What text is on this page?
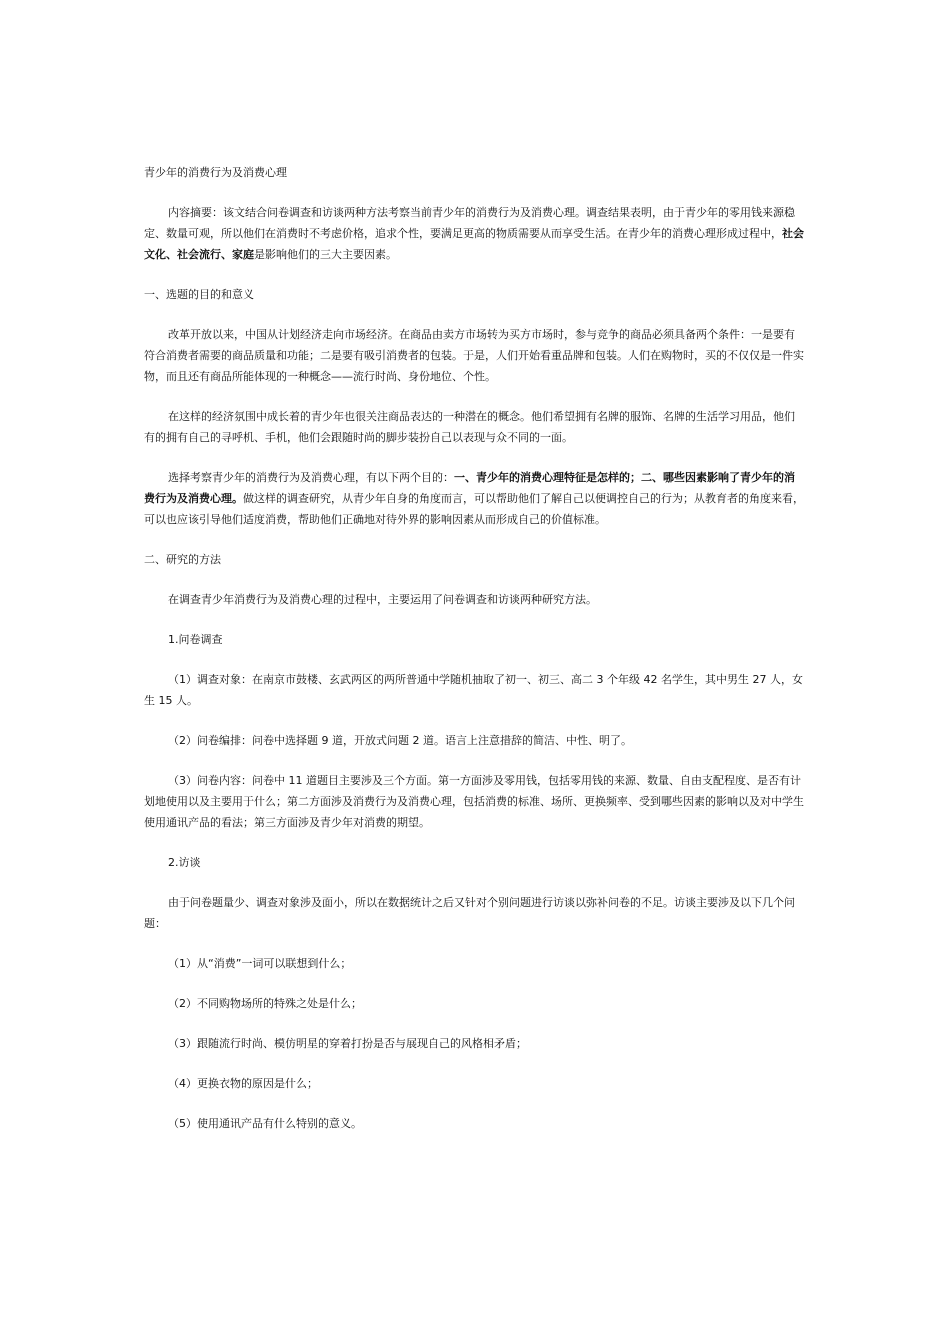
青少年的消费行为及消费心理

内容摘要：该文结合问卷调查和访谈两种方法考察当前青少年的消费行为及消费心理。调查结果表明，由于青少年的零用钱来源稳定、数量可观，所以他们在消费时不考虑价格，追求个性，要满足更高的物质需要从而享受生活。在青少年的消费心理形成过程中，社会文化、社会流行、家庭是影响他们的三大主要因素。

一、选题的目的和意义

改革开放以来，中国从计划经济走向市场经济。在商品由卖方市场转为买方市场时，参与竞争的商品必须具备两个条件：一是要有符合消费者需要的商品质量和功能；二是要有吸引消费者的包装。于是，人们开始看重品牌和包装。人们在购物时，买的不仅仅是一件实物，而且还有商品所能体现的一种概念——流行时尚、身份地位、个性。

在这样的经济氛围中成长着的青少年也很关注商品表达的一种潜在的概念。他们希望拥有名牌的服饰、名牌的生活学习用品，他们有的拥有自己的寻呼机、手机，他们会跟随时尚的脚步装扮自己以表现与众不同的一面。

选择考察青少年的消费行为及消费心理，有以下两个目的：一、青少年的消费心理特征是怎样的；二、哪些因素影响了青少年的消费行为及消费心理。做这样的调查研究，从青少年自身的角度而言，可以帮助他们了解自己以便调控自己的行为；从教育者的角度来看，可以也应该引导他们适度消费，帮助他们正确地对待外界的影响因素从而形成自己的价值标准。

二、研究的方法

在调查青少年消费行为及消费心理的过程中，主要运用了问卷调查和访谈两种研究方法。

1.问卷调查

（1）调查对象：在南京市鼓楼、玄武两区的两所普通中学随机抽取了初一、初三、高二 3 个年级 42 名学生，其中男生 27 人，女生 15 人。

（2）问卷编排：问卷中选择题 9 道，开放式问题 2 道。语言上注意措辞的简洁、中性、明了。

（3）问卷内容：问卷中 11 道题目主要涉及三个方面。第一方面涉及零用钱，包括零用钱的来源、数量、自由支配程度、是否有计划地使用以及主要用于什么；第二方面涉及消费行为及消费心理，包括消费的标准、场所、更换频率、受到哪些因素的影响以及对中学生使用通讯产品的看法；第三方面涉及青少年对消费的期望。

2.访谈

由于问卷题量少、调查对象涉及面小，所以在数据统计之后又针对个别问题进行访谈以弥补问卷的不足。访谈主要涉及以下几个问题：

（1）从“消费”一词可以联想到什么；

（2）不同购物场所的特殊之处是什么；

（3）跟随流行时尚、模仿明星的穿着打扮是否与展现自己的风格相矛盾；

（4）更换衣物的原因是什么；

（5）使用通讯产品有什么特别的意义。
